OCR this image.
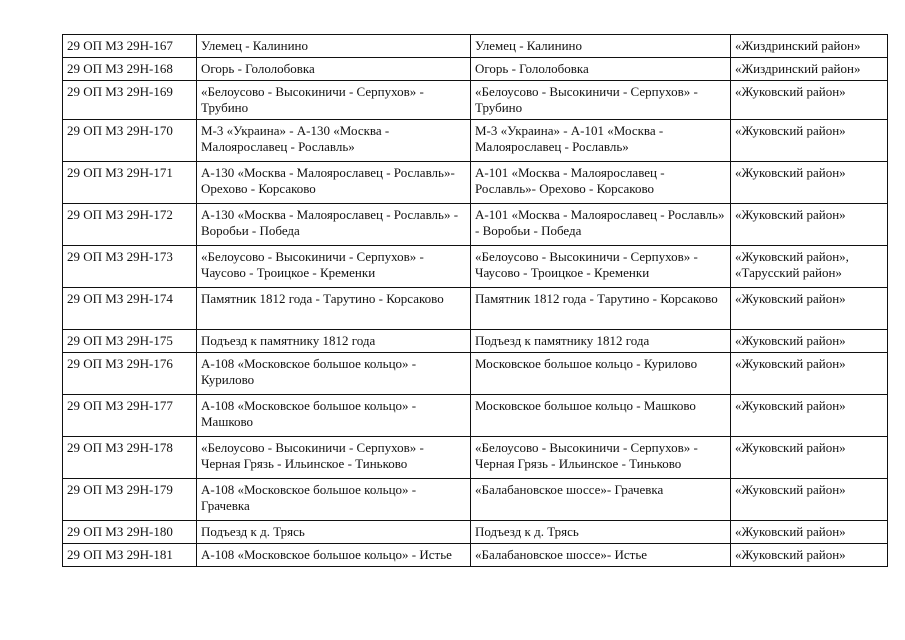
29 ОП МЗ 29Н-167	Улемец - Калинино	Улемец - Калинино	«Жиздринский район»
29 ОП МЗ 29Н-168	Огорь - Гололобовка	Огорь - Гололобовка	«Жиздринский район»
29 ОП МЗ 29Н-169	«Белоусово - Высокиничи - Серпухов» - Трубино	«Белоусово - Высокиничи - Серпухов» - Трубино	«Жуковский район»
29 ОП МЗ 29Н-170	М-3 «Украина» - А-130 «Москва - Малоярославец - Рославль»	М-3 «Украина» - А-101 «Москва - Малоярославец - Рославль»	«Жуковский район»
29 ОП МЗ 29Н-171	А-130 «Москва - Малоярославец - Рославль»- Орехово - Корсаково	А-101 «Москва - Малоярославец - Рославль»- Орехово - Корсаково	«Жуковский район»
29 ОП МЗ 29Н-172	А-130 «Москва - Малоярославец - Рославль» - Воробьи - Победа	А-101 «Москва - Малоярославец - Рославль» - Воробьи - Победа	«Жуковский район»
29 ОП МЗ 29Н-173	«Белоусово - Высокиничи - Серпухов» - Чаусово - Троицкое - Кременки	«Белоусово - Высокиничи - Серпухов» - Чаусово - Троицкое - Кременки	«Жуковский район», «Тарусский район»
29 ОП МЗ 29Н-174	Памятник 1812 года - Тарутино - Корсаково	Памятник 1812 года - Тарутино - Корсаково	«Жуковский район»
29 ОП МЗ 29Н-175	Подъезд к памятнику 1812 года	Подъезд к памятнику 1812 года	«Жуковский район»
29 ОП МЗ 29Н-176	А-108 «Московское большое кольцо» - Курилово	Московское большое кольцо - Курилово	«Жуковский район»
29 ОП МЗ 29Н-177	А-108 «Московское большое кольцо» - Машково	Московское большое кольцо - Машково	«Жуковский район»
29 ОП МЗ 29Н-178	«Белоусово - Высокиничи - Серпухов» - Черная Грязь - Ильинское - Тиньково	«Белоусово - Высокиничи - Серпухов» - Черная Грязь - Ильинское - Тиньково	«Жуковский район»
29 ОП МЗ 29Н-179	А-108 «Московское большое кольцо» - Грачевка	«Балабановское шоссе»- Грачевка	«Жуковский район»
29 ОП МЗ 29Н-180	Подъезд к д. Трясь	Подъезд к д. Трясь	«Жуковский район»
29 ОП МЗ 29Н-181	А-108 «Московское большое кольцо» - Истье	«Балабановское шоссе»- Истье	«Жуковский район»
